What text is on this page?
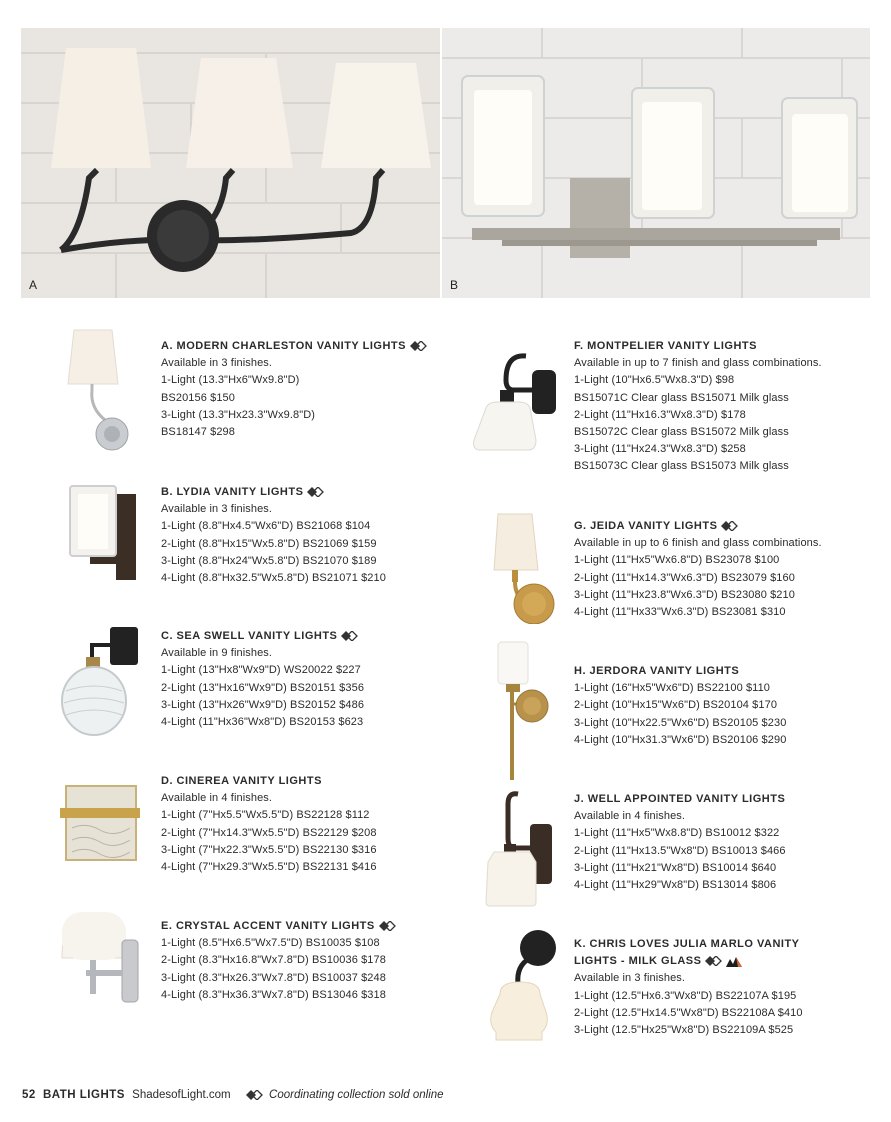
A	B
A. MODERN CHARLESTON VANITY LIGHTS
Available in 3 finishes.
1-Light (13.3"Hx6"Wx9.8"D)
BS20156 $150
3-Light (13.3"Hx23.3"Wx9.8"D)
BS18147 $298
B. LYDIA VANITY LIGHTS
Available in 3 finishes.
1-Light (8.8"Hx4.5"Wx6"D) BS21068 $104
2-Light (8.8"Hx15"Wx5.8"D) BS21069 $159
3-Light (8.8"Hx24"Wx5.8"D) BS21070 $189
4-Light (8.8"Hx32.5"Wx5.8"D) BS21071 $210
C. SEA SWELL VANITY LIGHTS
Available in 9 finishes.
1-Light (13"Hx8"Wx9"D) WS20022 $227
2-Light (13"Hx16"Wx9"D) BS20151 $356
3-Light (13"Hx26"Wx9"D) BS20152 $486
4-Light (11"Hx36"Wx8"D) BS20153 $623
D. CINEREA VANITY LIGHTS
Available in 4 finishes.
1-Light (7"Hx5.5"Wx5.5"D) BS22128 $112
2-Light (7"Hx14.3"Wx5.5"D) BS22129 $208
3-Light (7"Hx22.3"Wx5.5"D) BS22130 $316
4-Light (7"Hx29.3"Wx5.5"D) BS22131 $416
E. CRYSTAL ACCENT VANITY LIGHTS
1-Light (8.5"Hx6.5"Wx7.5"D) BS10035 $108
2-Light (8.3"Hx16.8"Wx7.8"D) BS10036 $178
3-Light (8.3"Hx26.3"Wx7.8"D) BS10037 $248
4-Light (8.3"Hx36.3"Wx7.8"D) BS13046 $318
F. MONTPELIER VANITY LIGHTS
Available in up to 7 finish and glass combinations.
1-Light (10"Hx6.5"Wx8.3"D) $98
BS15071C Clear glass BS15071 Milk glass
2-Light (11"Hx16.3"Wx8.3"D) $178
BS15072C Clear glass BS15072 Milk glass
3-Light (11"Hx24.3"Wx8.3"D) $258
BS15073C Clear glass BS15073 Milk glass
G. JEIDA VANITY LIGHTS
Available in up to 6 finish and glass combinations.
1-Light (11"Hx5"Wx6.8"D) BS23078 $100
2-Light (11"Hx14.3"Wx6.3"D) BS23079 $160
3-Light (11"Hx23.8"Wx6.3"D) BS23080 $210
4-Light (11"Hx33"Wx6.3"D) BS23081 $310
H. JERDORA VANITY LIGHTS
1-Light (16"Hx5"Wx6"D) BS22100 $110
2-Light (10"Hx15"Wx6"D) BS20104 $170
3-Light (10"Hx22.5"Wx6"D) BS20105 $230
4-Light (10"Hx31.3"Wx6"D) BS20106 $290
J. WELL APPOINTED VANITY LIGHTS
Available in 4 finishes.
1-Light (11"Hx5"Wx8.8"D) BS10012 $322
2-Light (11"Hx13.5"Wx8"D) BS10013 $466
3-Light (11"Hx21"Wx8"D) BS10014 $640
4-Light (11"Hx29"Wx8"D) BS13014 $806
K. CHRIS LOVES JULIA MARLO VANITY
LIGHTS - MILK GLASS
Available in 3 finishes.
1-Light (12.5"Hx6.3"Wx8"D) BS22107A $195
2-Light (12.5"Hx14.5"Wx8"D) BS22108A $410
3-Light (12.5"Hx25"Wx8"D) BS22109A $525
52 BATH LIGHTS ShadesofLight.com	Coordinating collection sold online
